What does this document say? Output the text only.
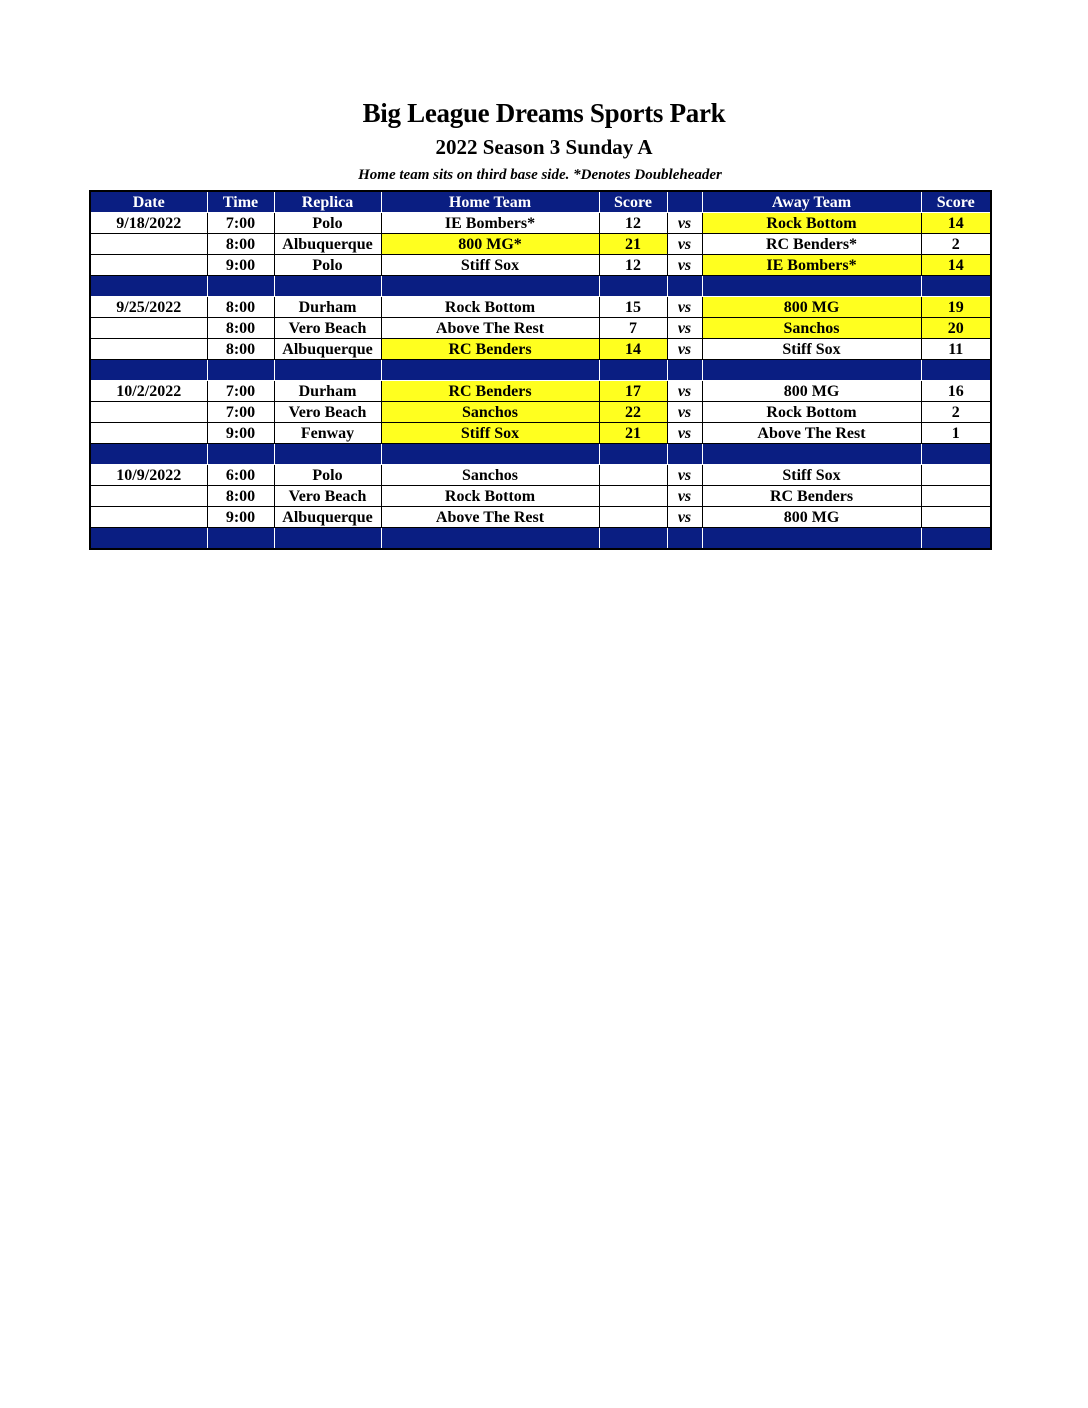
Big League Dreams Sports Park
2022 Season 3 Sunday A
Home team sits on third base side. *Denotes Doubleheader
Date	Time	Replica	Home Team	Score		Away Team	Score
9/18/2022	7:00	Polo	IE Bombers*	12	vs	Rock Bottom	14
	8:00	Albuquerque	800 MG*	21	vs	RC Benders*	2
	9:00	Polo	Stiff Sox	12	vs	IE Bombers*	14

9/25/2022	8:00	Durham	Rock Bottom	15	vs	800 MG	19
	8:00	Vero Beach	Above The Rest	7	vs	Sanchos	20
	8:00	Albuquerque	RC Benders	14	vs	Stiff Sox	11

10/2/2022	7:00	Durham	RC Benders	17	vs	800 MG	16
	7:00	Vero Beach	Sanchos	22	vs	Rock Bottom	2
	9:00	Fenway	Stiff Sox	21	vs	Above The Rest	1

10/9/2022	6:00	Polo	Sanchos		vs	Stiff Sox	
	8:00	Vero Beach	Rock Bottom		vs	RC Benders	
	9:00	Albuquerque	Above The Rest		vs	800 MG	
